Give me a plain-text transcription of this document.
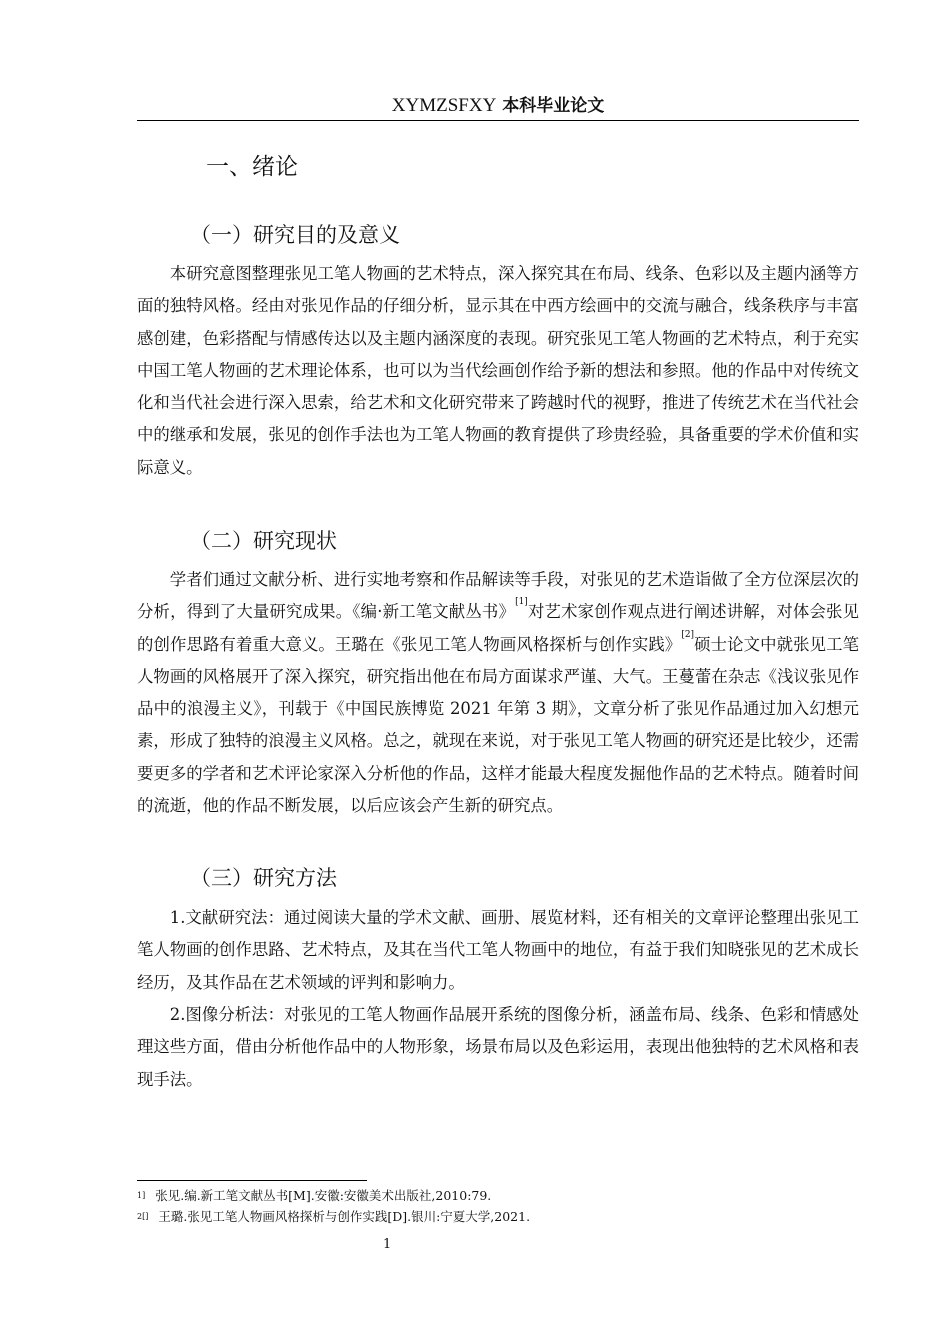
XYMZSFXY 本科毕业论文
一、绪论
（一）研究目的及意义
本研究意图整理张见工笔人物画的艺术特点，深入探究其在布局、线条、色彩以及主题内涵等方面的独特风格。经由对张见作品的仔细分析，显示其在中西方绘画中的交流与融合，线条秩序与丰富感创建，色彩搭配与情感传达以及主题内涵深度的表现。研究张见工笔人物画的艺术特点，利于充实中国工笔人物画的艺术理论体系，也可以为当代绘画创作给予新的想法和参照。他的作品中对传统文化和当代社会进行深入思索，给艺术和文化研究带来了跨越时代的视野，推进了传统艺术在当代社会中的继承和发展，张见的创作手法也为工笔人物画的教育提供了珍贵经验，具备重要的学术价值和实际意义。
（二）研究现状
学者们通过文献分析、进行实地考察和作品解读等手段，对张见的艺术造诣做了全方位深层次的分析，得到了大量研究成果。《编·新工笔文献丛书》[1]对艺术家创作观点进行阐述讲解，对体会张见的创作思路有着重大意义。王璐在《张见工笔人物画风格探析与创作实践》[2]硕士论文中就张见工笔人物画的风格展开了深入探究，研究指出他在布局方面谋求严谨、大气。王蔓蕾在杂志《浅议张见作品中的浪漫主义》，刊载于《中国民族博览 2021 年第 3 期》，文章分析了张见作品通过加入幻想元素，形成了独特的浪漫主义风格。总之，就现在来说，对于张见工笔人物画的研究还是比较少，还需要更多的学者和艺术评论家深入分析他的作品，这样才能最大程度发掘他作品的艺术特点。随着时间的流逝，他的作品不断发展，以后应该会产生新的研究点。
（三）研究方法
1.文献研究法：通过阅读大量的学术文献、画册、展览材料，还有相关的文章评论整理出张见工笔人物画的创作思路、艺术特点，及其在当代工笔人物画中的地位，有益于我们知晓张见的艺术成长经历，及其作品在艺术领域的评判和影响力。
2.图像分析法：对张见的工笔人物画作品展开系统的图像分析，涵盖布局、线条、色彩和情感处理这些方面，借由分析他作品中的人物形象，场景布局以及色彩运用，表现出他独特的艺术风格和表现手法。
$^{1]}$ 张见.编.新工笔文献丛书[M].安徽:安徽美术出版社,2010:79.
$^{2[]}$ 王璐.张见工笔人物画风格探析与创作实践[D].银川:宁夏大学,2021.
1
